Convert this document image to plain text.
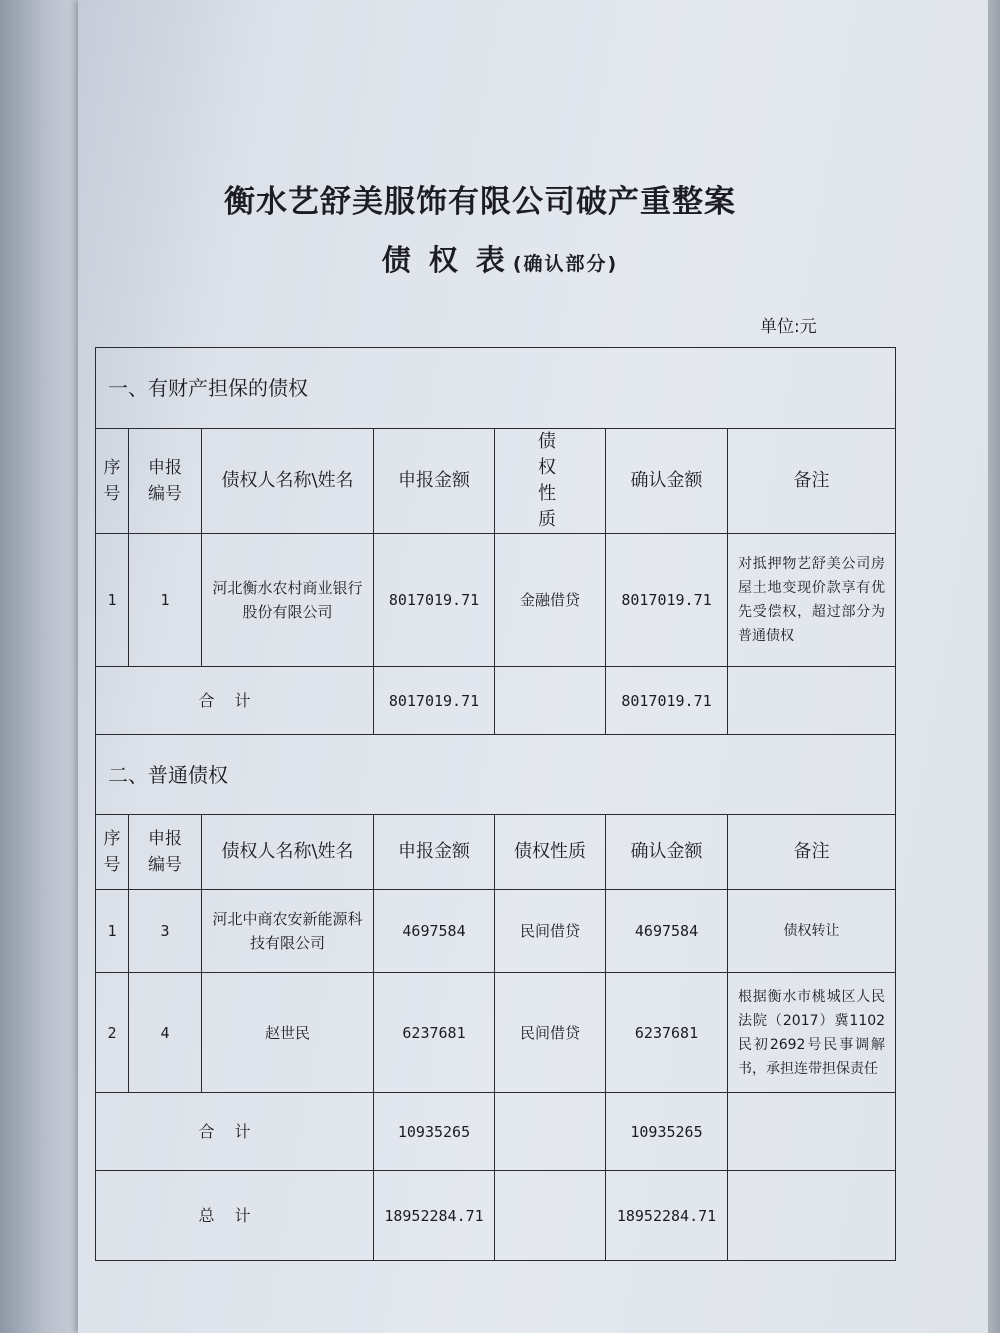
衡水艺舒美服饰有限公司破产重整案
债权表(确认部分)
单位:元
一、有财产担保的债权						
序号	申报编号	债权人名称\姓名	申报金额	债权性质	确认金额	备注
1	1	河北衡水农村商业银行股份有限公司	8017019.71	金融借贷	8017019.71	对抵押物艺舒美公司房屋土地变现价款享有优先受偿权，超过部分为普通债权
合计			8017019.71		8017019.71	
二、普通债权						
序号	申报编号	债权人名称\姓名	申报金额	债权性质	确认金额	备注
1	3	河北中商农安新能源科技有限公司	4697584	民间借贷	4697584	债权转让
2	4	赵世民	6237681	民间借贷	6237681	根据衡水市桃城区人民法院（2017）冀1102民初2692号民事调解书，承担连带担保责任
合计			10935265		10935265	
总计			18952284.71		18952284.71	
